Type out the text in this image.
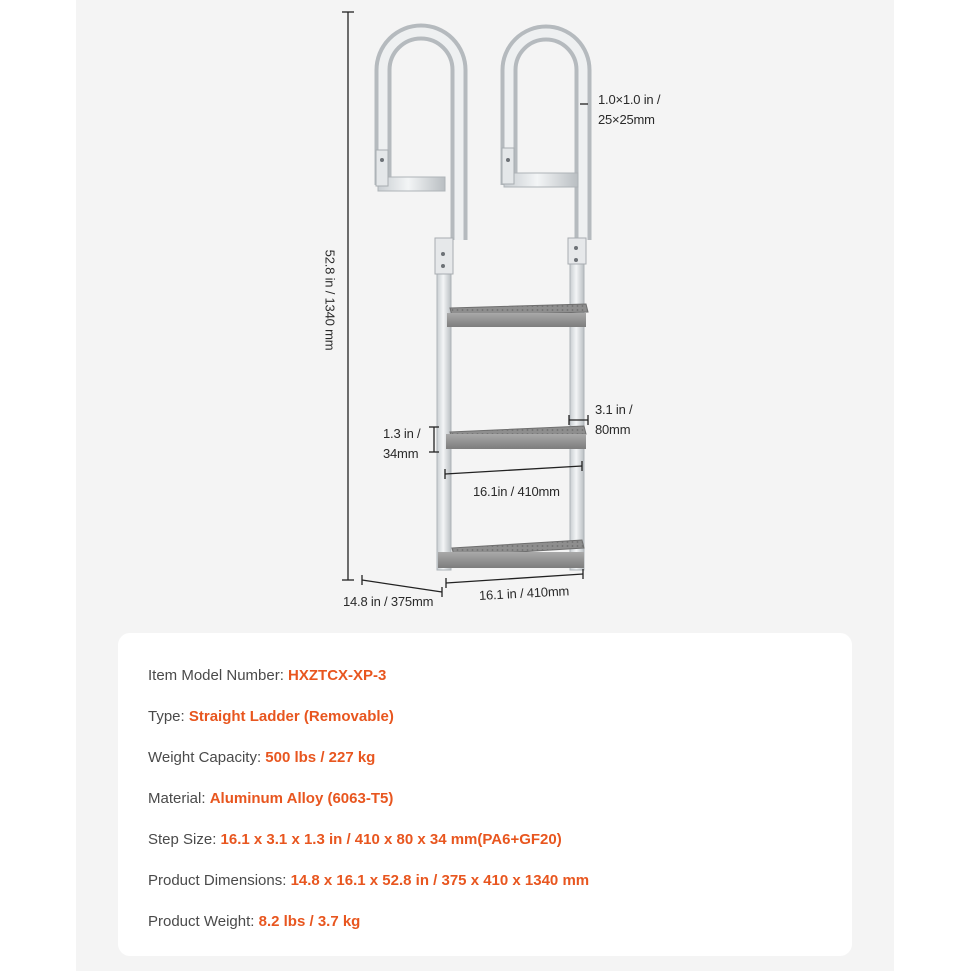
1.0×1.0 in /
25×25mm
52.8 in / 1340 mm
3.1 in /
80mm
1.3 in /
34mm
16.1in / 410mm
14.8 in / 375mm	16.1 in / 410mm
Item Model Number: HXZTCX-XP-3
Type: Straight Ladder (Removable)
Weight Capacity: 500 lbs / 227 kg
Material: Aluminum Alloy (6063-T5)
Step Size: 16.1 x 3.1 x 1.3 in / 410 x 80 x 34 mm(PA6+GF20)
Product Dimensions: 14.8 x 16.1 x 52.8 in / 375 x 410 x 1340 mm
Product Weight: 8.2 lbs / 3.7 kg
